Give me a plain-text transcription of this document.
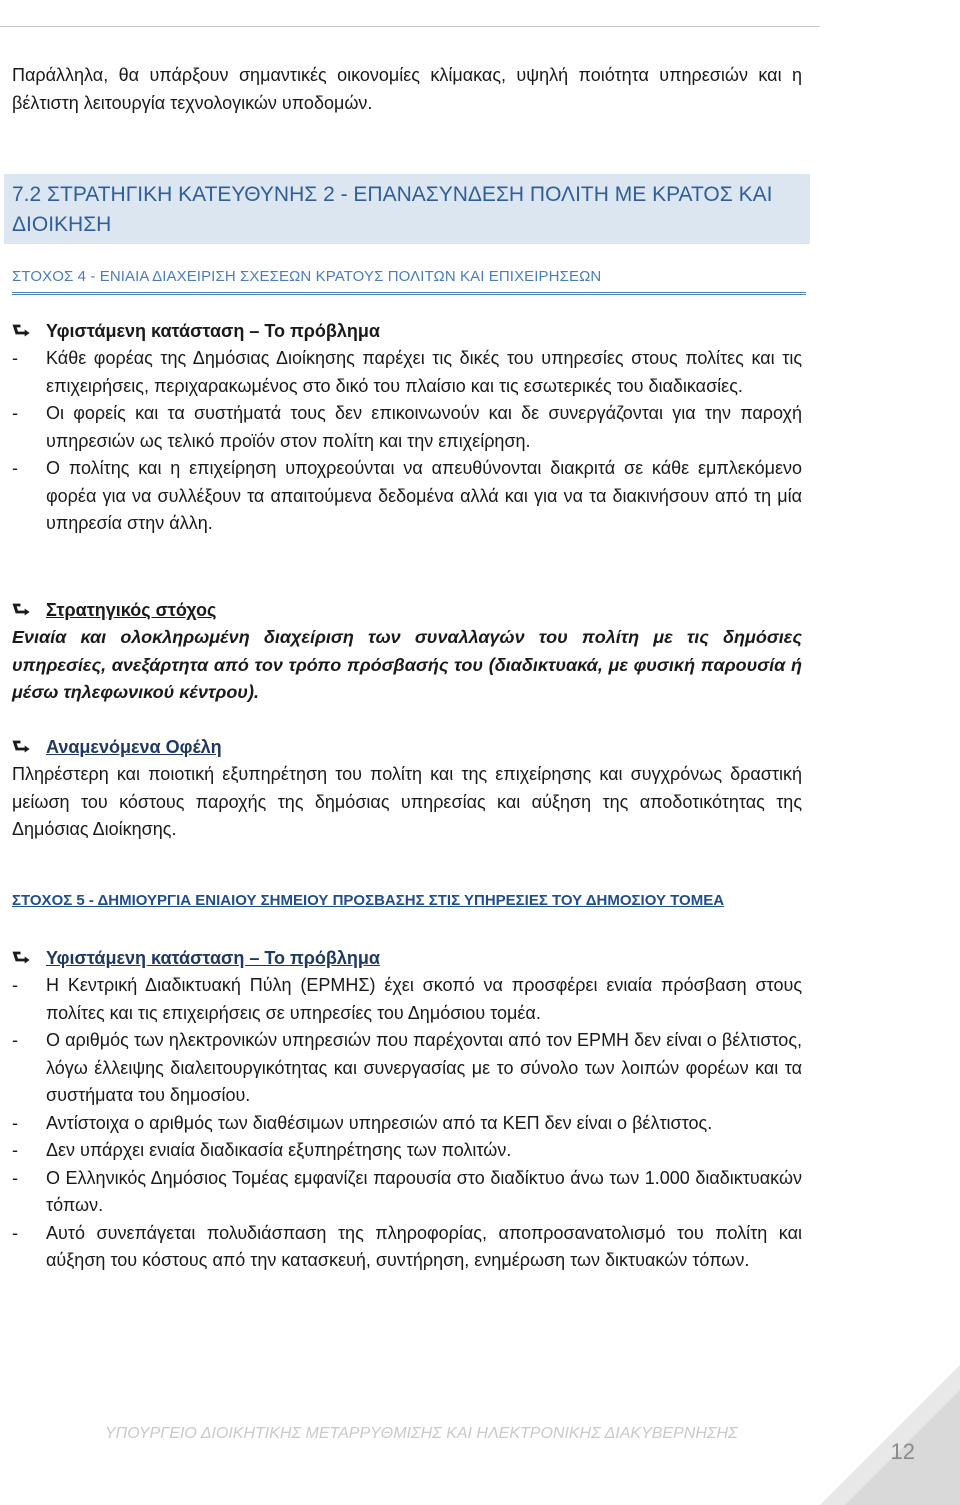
ΣΤΡΑΤΗΓΙΚΗ ΓΙΑ ΤΗΝ ΗΛΕΚΤΡΟΝΙΚΗ ΔΙΑΚΥΒΕΡΝΗΣΗ 2014-2020

Παράλληλα, θα υπάρξουν σημαντικές οικονομίες κλίμακας, υψηλή ποιότητα υπηρεσιών και η βέλτιστη λειτουργία τεχνολογικών υποδομών.

7.2 ΣΤΡΑΤΗΓΙΚΗ ΚΑΤΕΥΘΥΝΗΣ 2 - ΕΠΑΝΑΣΥΝΔΕΣΗ ΠΟΛΙΤΗ ΜΕ ΚΡΑΤΟΣ ΚΑΙ ΔΙΟΙΚΗΣΗ
ΣΤΟΧΟΣ 4 - ΕΝΙΑΙΑ ΔΙΑΧΕΙΡΙΣΗ ΣΧΕΣΕΩΝ ΚΡΑΤΟΥΣ ΠΟΛΙΤΩΝ ΚΑΙ ΕΠΙΧΕΙΡΗΣΕΩΝ
⮑ Υφιστάμενη κατάσταση – Το πρόβλημα
-	Κάθε φορέας της Δημόσιας Διοίκησης παρέχει τις δικές του υπηρεσίες στους πολίτες και τις επιχειρήσεις, περιχαρακωμένος στο δικό του πλαίσιο και τις εσωτερικές του διαδικασίες.
-	Οι φορείς και τα συστήματά τους δεν επικοινωνούν και δε συνεργάζονται για την παροχή υπηρεσιών ως τελικό προϊόν στον πολίτη και την επιχείρηση.
-	Ο πολίτης και η επιχείρηση υποχρεούνται να απευθύνονται διακριτά σε κάθε εμπλεκόμενο φορέα για να συλλέξουν τα απαιτούμενα δεδομένα αλλά και για να τα διακινήσουν από τη μία υπηρεσία στην άλλη.
⮑ Στρατηγικός στόχος

Ενιαία και ολοκληρωμένη διαχείριση των συναλλαγών του πολίτη με τις δημόσιες υπηρεσίες, ανεξάρτητα από τον τρόπο πρόσβασής του (διαδικτυακά, με φυσική παρουσία ή μέσω τηλεφωνικού κέντρου).

⮑ Αναμενόμενα Οφέλη

Πληρέστερη και ποιοτική εξυπηρέτηση του πολίτη και της επιχείρησης και συγχρόνως δραστική μείωση του κόστους παροχής της δημόσιας υπηρεσίας και αύξηση της αποδοτικότητας της Δημόσιας Διοίκησης.

ΣΤΟΧΟΣ 5 - ΔΗΜΙΟΥΡΓΙΑ ΕΝΙΑΙΟΥ ΣΗΜΕΙΟΥ ΠΡΟΣΒΑΣΗΣ ΣΤΙΣ ΥΠΗΡΕΣΙΕΣ ΤΟΥ ΔΗΜΟΣΙΟΥ ΤΟΜΕΑ
⮑ Υφιστάμενη κατάσταση – Το πρόβλημα
-	Η Κεντρική Διαδικτυακή Πύλη (ΕΡΜΗΣ) έχει σκοπό να προσφέρει ενιαία πρόσβαση στους πολίτες και τις επιχειρήσεις σε υπηρεσίες του Δημόσιου τομέα.
-	Ο αριθμός των ηλεκτρονικών υπηρεσιών που παρέχονται από τον ΕΡΜΗ δεν είναι ο βέλτιστος, λόγω έλλειψης διαλειτουργικότητας και συνεργασίας με το σύνολο των λοιπών φορέων και τα συστήματα του δημοσίου.
-	Αντίστοιχα ο αριθμός των διαθέσιμων υπηρεσιών από τα ΚΕΠ δεν είναι ο βέλτιστος.
-	Δεν υπάρχει ενιαία διαδικασία εξυπηρέτησης των πολιτών.
-	Ο Ελληνικός Δημόσιος Τομέας εμφανίζει παρουσία στο διαδίκτυο άνω των 1.000 διαδικτυακών τόπων.
-	Αυτό συνεπάγεται πολυδιάσπαση της πληροφορίας, αποπροσανατολισμό του πολίτη και αύξηση του κόστους από την κατασκευή, συντήρηση, ενημέρωση των δικτυακών τόπων.
ΥΠΟΥΡΓΕΙΟ ΔΙΟΙΚΗΤΙΚΗΣ ΜΕΤΑΡΡΥΘΜΙΣΗΣ ΚΑΙ ΗΛΕΚΤΡΟΝΙΚΗΣ ΔΙΑΚΥΒΕΡΝΗΣΗΣ
12
